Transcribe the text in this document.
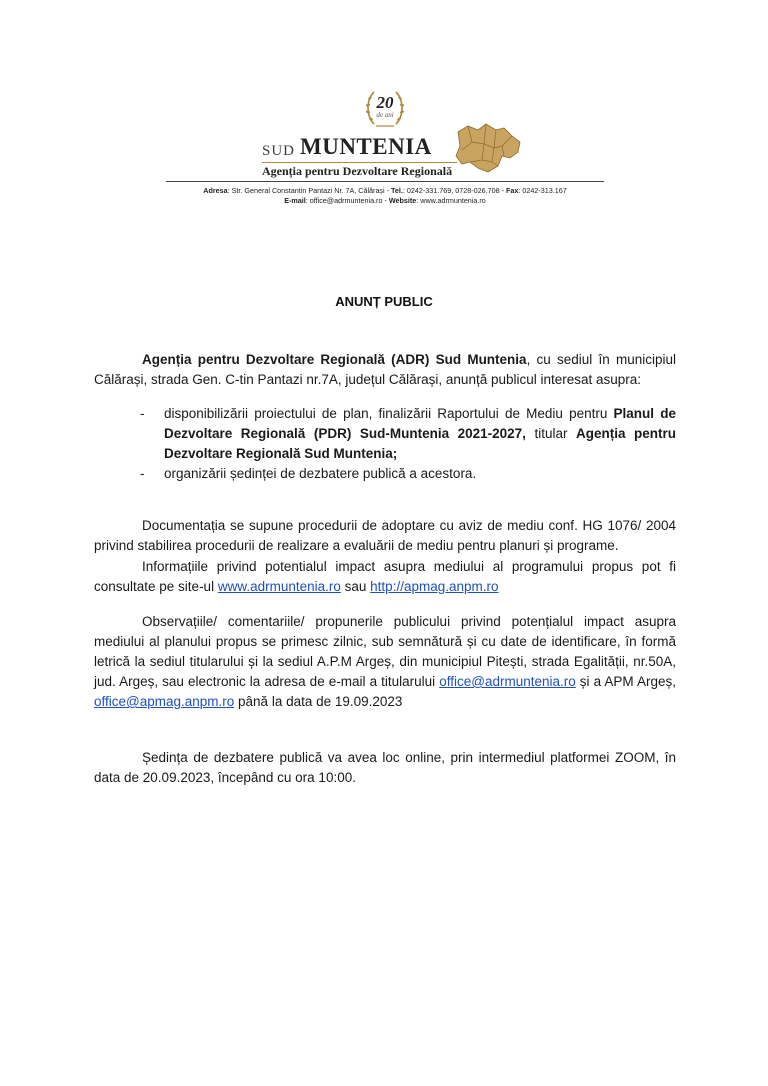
20
de ani
SUD MUNTENIA
Agenția pentru Dezvoltare Regională
Adresa: Str. General Constantin Pantazi Nr. 7A, Călărași - Tel.: 0242-331.769, 0728-026.708 - Fax: 0242-313.167
E-mail: office@adrmuntenia.ro - Website: www.adrmuntenia.ro
ANUNȚ PUBLIC
Agenția pentru Dezvoltare Regională (ADR) Sud Muntenia, cu sediul în municipiul Călărași, strada Gen. C-tin Pantazi nr.7A, județul Călărași, anunță publicul interesat asupra:
- disponibilizării proiectului de plan, finalizării Raportului de Mediu pentru Planul de Dezvoltare Regională (PDR) Sud-Muntenia 2021-2027, titular Agenția pentru Dezvoltare Regională Sud Muntenia;
- organizării ședinței de dezbatere publică a acestora.
Documentația se supune procedurii de adoptare cu aviz de mediu conf. HG 1076/ 2004 privind stabilirea procedurii de realizare a evaluării de mediu pentru planuri și programe.
Informațiile privind potentialul impact asupra mediului al programului propus pot fi consultate pe site-ul www.adrmuntenia.ro sau http://apmag.anpm.ro
Observațiile/ comentariile/ propunerile publicului privind potențialul impact asupra mediului al planului propus se primesc zilnic, sub semnătură și cu date de identificare, în formă letrică la sediul titularului și la sediul A.P.M Argeș, din municipiul Pitești, strada Egalității, nr.50A, jud. Argeș, sau electronic la adresa de e-mail a titularului office@adrmuntenia.ro și a APM Argeș, office@apmag.anpm.ro până la data de 19.09.2023
Ședința de dezbatere publică va avea loc online, prin intermediul platformei ZOOM, în data de 20.09.2023, începând cu ora 10:00.
